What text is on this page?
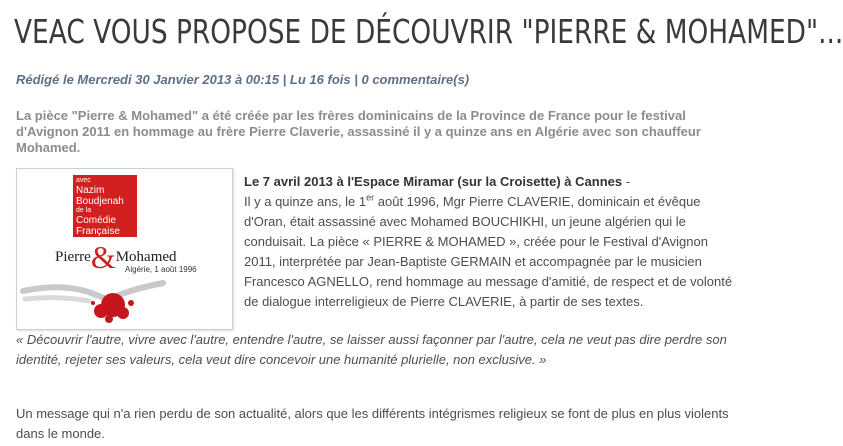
VEAC VOUS PROPOSE DE DÉCOUVRIR "PIERRE & MOHAMED"...
Rédigé le Mercredi 30 Janvier 2013 à 00:15 | Lu 16 fois | 0 commentaire(s)
La pièce "Pierre & Mohamed" a été créée par les frères dominicains de la Province de France pour le festival d'Avignon 2011 en hommage au frère Pierre Claverie, assassiné il y a quinze ans en Algérie avec son chauffeur Mohamed.
avec
Nazim
Boudjenah
de la
Comédie
Française
Pierre&Mohamed
Algérie, 1 août 1996
Le 7 avril 2013 à l'Espace Miramar (sur la Croisette) à Cannes -
Il y a quinze ans, le 1er août 1996, Mgr Pierre CLAVERIE, dominicain et évêque d'Oran, était assassiné avec Mohamed BOUCHIKHI, un jeune algérien qui le conduisait. La pièce « PIERRE & MOHAMED », créée pour le Festival d'Avignon 2011, interprétée par Jean-Baptiste GERMAIN et accompagnée par le musicien Francesco AGNELLO, rend hommage au message d'amitié, de respect et de volonté de dialogue interreligieux de Pierre CLAVERIE, à partir de ses textes.
« Découvrir l'autre, vivre avec l'autre, entendre l'autre, se laisser aussi façonner par l'autre, cela ne veut pas dire perdre son identité, rejeter ses valeurs, cela veut dire concevoir une humanité plurielle, non exclusive. »
Un message qui n'a rien perdu de son actualité, alors que les différents intégrismes religieux se font de plus en plus violents dans le monde.
